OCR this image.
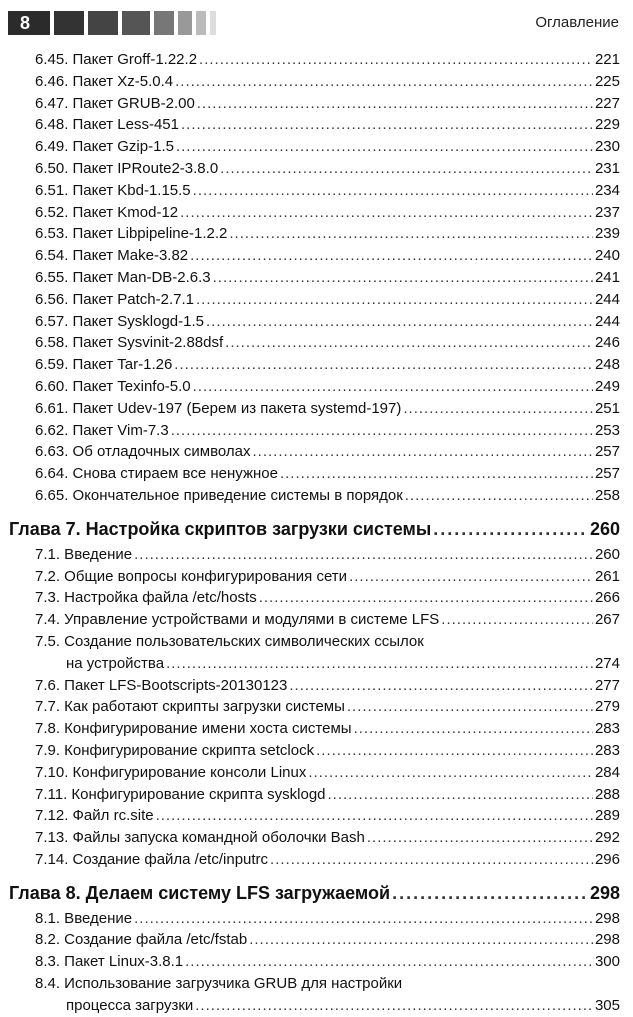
8	Оглавление
6.45. Пакет Groff-1.22.2 .....	221
6.46. Пакет Xz-5.0.4 .....	225
6.47. Пакет GRUB-2.00 .....	227
6.48. Пакет Less-451 .....	229
6.49. Пакет Gzip-1.5 .....	230
6.50. Пакет IPRoute2-3.8.0 .....	231
6.51. Пакет Kbd-1.15.5 .....	234
6.52. Пакет Kmod-12 .....	237
6.53. Пакет Libpipeline-1.2.2 .....	239
6.54. Пакет Make-3.82 .....	240
6.55. Пакет Man-DB-2.6.3 .....	241
6.56. Пакет Patch-2.7.1 .....	244
6.57. Пакет Sysklogd-1.5 .....	244
6.58. Пакет Sysvinit-2.88dsf .....	246
6.59. Пакет Tar-1.26 .....	248
6.60. Пакет Texinfo-5.0 .....	249
6.61. Пакет Udev-197 (Берем из пакета systemd-197) .....	251
6.62. Пакет Vim-7.3 .....	253
6.63. Об отладочных символах .....	257
6.64. Снова стираем все ненужное .....	257
6.65. Окончательное приведение системы в порядок .....	258
Глава 7. Настройка скриптов загрузки системы .....	260
7.1. Введение .....	260
7.2. Общие вопросы конфигурирования сети .....	261
7.3. Настройка файла /etc/hosts .....	266
7.4. Управление устройствами и модулями в системе LFS .....	267
7.5. Создание пользовательских символических ссылок
на устройства .....	274
7.6. Пакет LFS-Bootscripts-20130123 .....	277
7.7. Как работают скрипты загрузки системы .....	279
7.8. Конфигурирование имени хоста системы .....	283
7.9. Конфигурирование скрипта setclock .....	283
7.10. Конфигурирование консоли Linux .....	284
7.11. Конфигурирование скрипта sysklogd .....	288
7.12. Файл rc.site .....	289
7.13. Файлы запуска командной оболочки Bash .....	292
7.14. Создание файла /etc/inputrc .....	296
Глава 8. Делаем систему LFS загружаемой .....	298
8.1. Введение .....	298
8.2. Создание файла /etc/fstab .....	298
8.3. Пакет Linux-3.8.1 .....	300
8.4. Использование загрузчика GRUB для настройки
процесса загрузки .....	305
